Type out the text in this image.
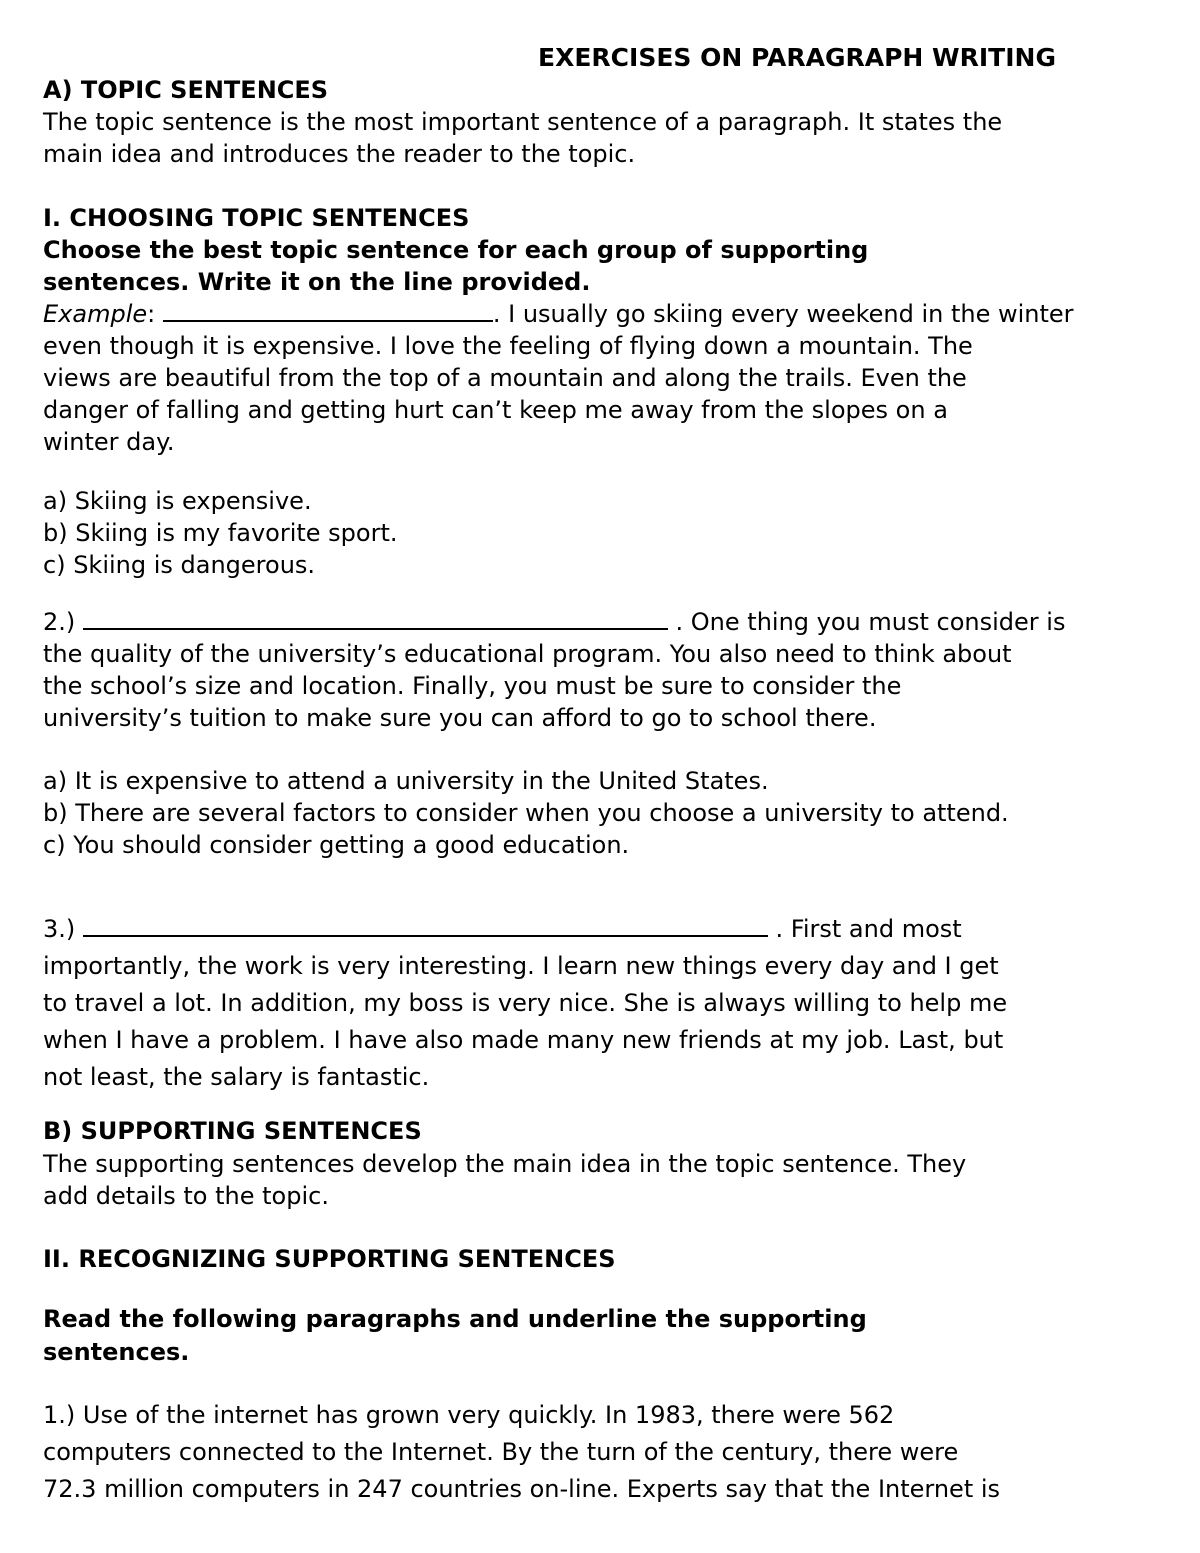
EXERCISES ON PARAGRAPH WRITING
A) TOPIC SENTENCES
The topic sentence is the most important sentence of a paragraph. It states the
main idea and introduces the reader to the topic.
I. CHOOSING TOPIC SENTENCES
Choose the best topic sentence for each group of supporting
sentences. Write it on the line provided.
Example:	. I usually go skiing every weekend in the winter
even though it is expensive. I love the feeling of flying down a mountain. The
views are beautiful from the top of a mountain and along the trails. Even the
danger of falling and getting hurt can’t keep me away from the slopes on a
winter day.
a) Skiing is expensive.
b) Skiing is my favorite sport.
c) Skiing is dangerous.
2.)	. One thing you must consider is
the quality of the university’s educational program. You also need to think about
the school’s size and location. Finally, you must be sure to consider the
university’s tuition to make sure you can afford to go to school there.
a) It is expensive to attend a university in the United States.
b) There are several factors to consider when you choose a university to attend.
c) You should consider getting a good education.
3.)	. First and most
importantly, the work is very interesting. I learn new things every day and I get
to travel a lot. In addition, my boss is very nice. She is always willing to help me
when I have a problem. I have also made many new friends at my job. Last, but
not least, the salary is fantastic.
B) SUPPORTING SENTENCES
The supporting sentences develop the main idea in the topic sentence. They
add details to the topic.
II. RECOGNIZING SUPPORTING SENTENCES
Read the following paragraphs and underline the supporting
sentences.
1.) Use of the internet has grown very quickly. In 1983, there were 562
computers connected to the Internet. By the turn of the century, there were
72.3 million computers in 247 countries on-line. Experts say that the Internet is
